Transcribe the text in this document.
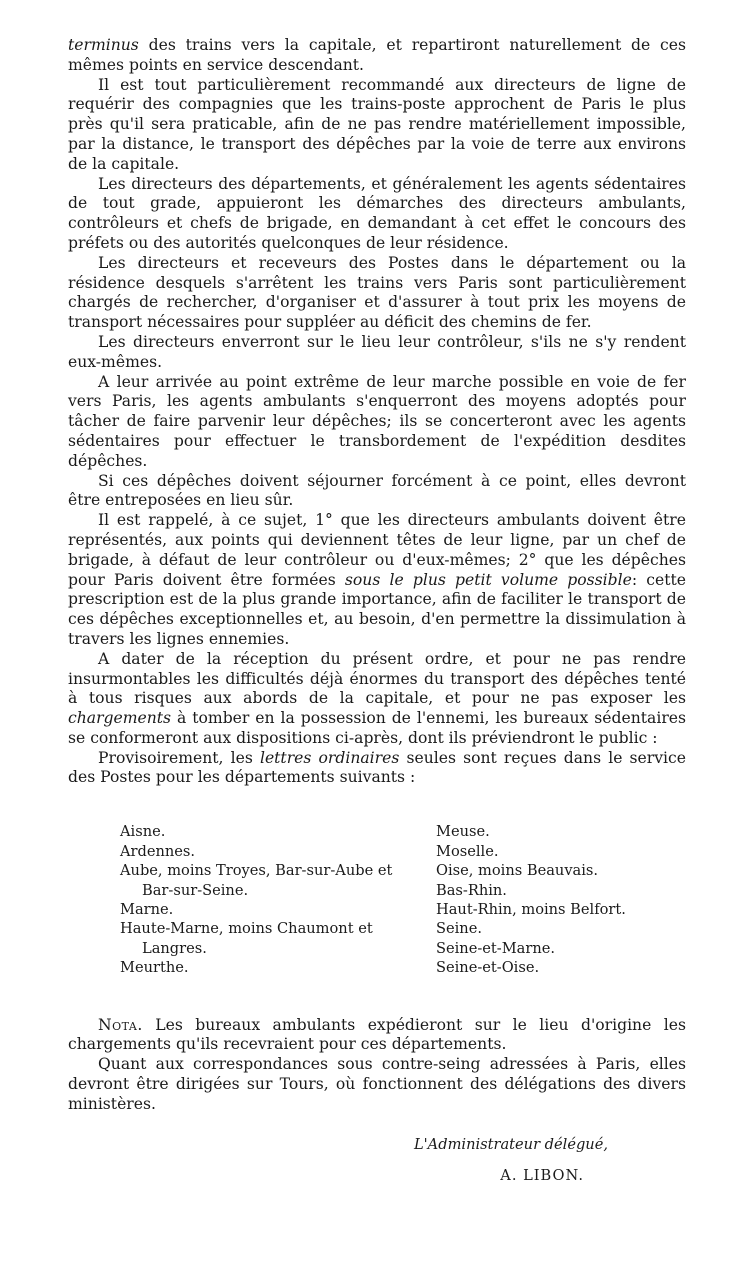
terminus des trains vers la capitale, et repartiront naturellement de ces mêmes points en service descendant.

Il est tout particulièrement recommandé aux directeurs de ligne de requérir des compagnies que les trains-poste approchent de Paris le plus près qu'il sera praticable, afin de ne pas rendre matériellement impossible, par la distance, le transport des dépêches par la voie de terre aux environs de la capitale.

Les directeurs des départements, et généralement les agents sédentaires de tout grade, appuieront les démarches des directeurs ambulants, contrôleurs et chefs de brigade, en demandant à cet effet le concours des préfets ou des autorités quelconques de leur résidence.

Les directeurs et receveurs des Postes dans le département ou la résidence desquels s'arrêtent les trains vers Paris sont particulièrement chargés de rechercher, d'organiser et d'assurer à tout prix les moyens de transport nécessaires pour suppléer au déficit des chemins de fer.

Les directeurs enverront sur le lieu leur contrôleur, s'ils ne s'y rendent eux-mêmes.

A leur arrivée au point extrême de leur marche possible en voie de fer vers Paris, les agents ambulants s'enquerront des moyens adoptés pour tâcher de faire parvenir leur dépêches; ils se concerteront avec les agents sédentaires pour effectuer le transbordement de l'expédition desdites dépêches.

Si ces dépêches doivent séjourner forcément à ce point, elles devront être entreposées en lieu sûr.

Il est rappelé, à ce sujet, 1° que les directeurs ambulants doivent être représentés, aux points qui deviennent têtes de leur ligne, par un chef de brigade, à défaut de leur contrôleur ou d'eux-mêmes; 2° que les dépêches pour Paris doivent être formées sous le plus petit volume possible: cette prescription est de la plus grande importance, afin de faciliter le transport de ces dépêches exceptionnelles et, au besoin, d'en permettre la dissimulation à travers les lignes ennemies.

A dater de la réception du présent ordre, et pour ne pas rendre insurmontables les difficultés déjà énormes du transport des dépêches tenté à tous risques aux abords de la capitale, et pour ne pas exposer les chargements à tomber en la possession de l'ennemi, les bureaux sédentaires se conformeront aux dispositions ci-après, dont ils préviendront le public :

Provisoirement, les lettres ordinaires seules sont reçues dans le service des Postes pour les départements suivants :

Aisne.

Ardennes.

Aube, moins Troyes, Bar-sur-Aube et
Bar-sur-Seine.

Marne.

Haute-Marne, moins Chaumont et
Langres.

Meurthe.

Meuse.

Moselle.

Oise, moins Beauvais.

Bas-Rhin.

Haut-Rhin, moins Belfort.

Seine.

Seine-et-Marne.

Seine-et-Oise.

Nota. Les bureaux ambulants expédieront sur le lieu d'origine les chargements qu'ils recevraient pour ces départements.

Quant aux correspondances sous contre-seing adressées à Paris, elles devront être dirigées sur Tours, où fonctionnent des délégations des divers ministères.

L'Administrateur délégué,
A. LIBON.
